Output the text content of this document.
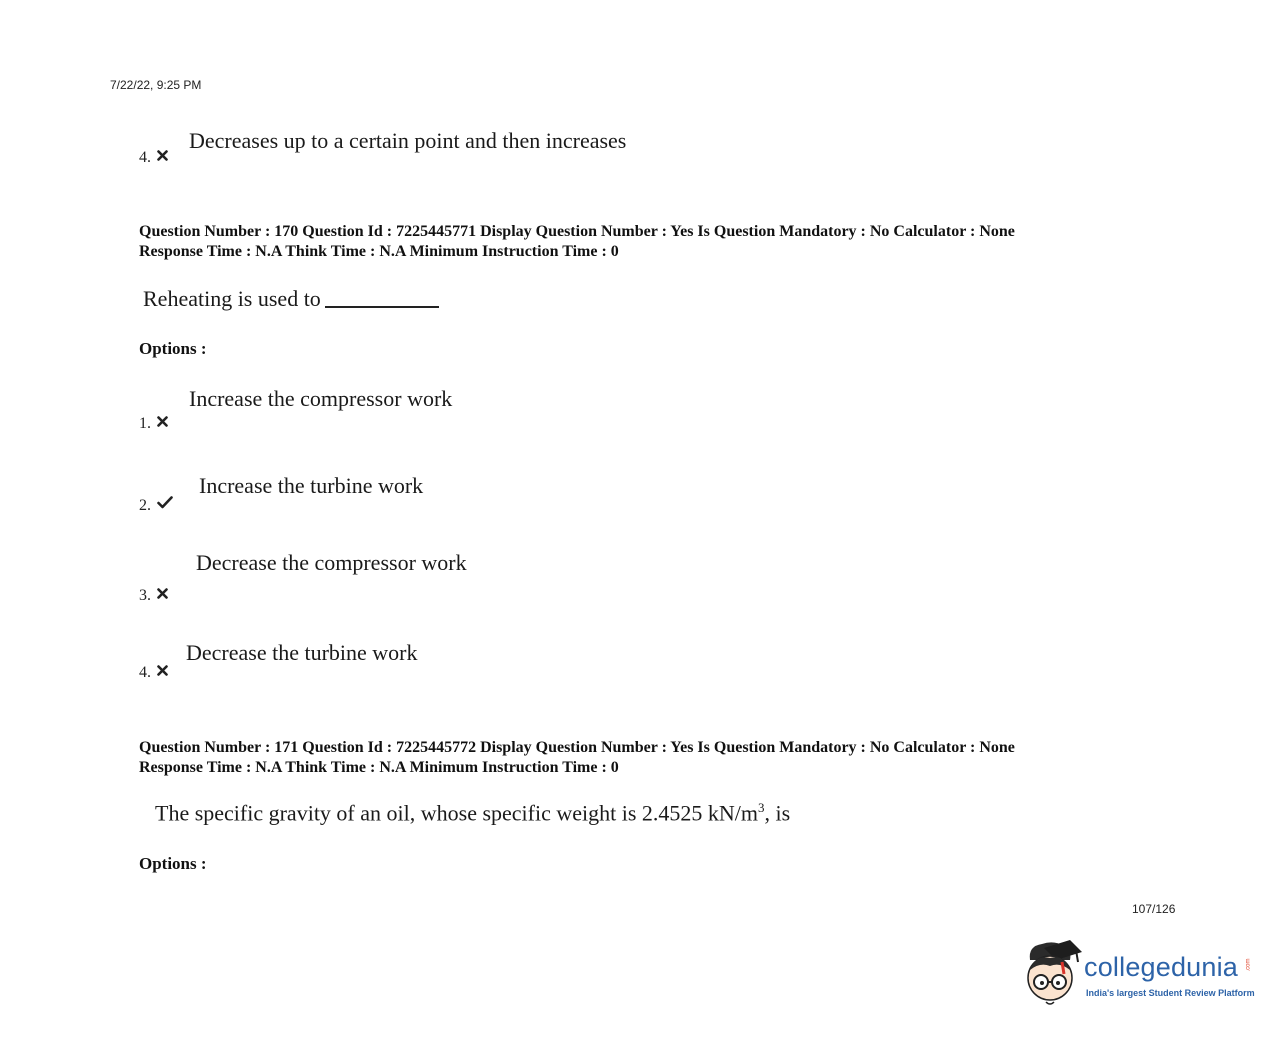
7/22/22, 9:25 PM
Decreases up to a certain point and then increases
4.
Question Number : 170 Question Id : 7225445771 Display Question Number : Yes Is Question Mandatory : No Calculator : None
Response Time : N.A Think Time : N.A Minimum Instruction Time : 0
Reheating is used to
Options :
Increase the compressor work
1.
Increase the turbine work
2.
Decrease the compressor work
3.
Decrease the turbine work
4.
Question Number : 171 Question Id : 7225445772 Display Question Number : Yes Is Question Mandatory : No Calculator : None
Response Time : N.A Think Time : N.A Minimum Instruction Time : 0
The specific gravity of an oil, whose specific weight is 2.4525 $kN/m^3$, is
Options :
107/126
collegedunia .com
India's largest Student Review Platform
